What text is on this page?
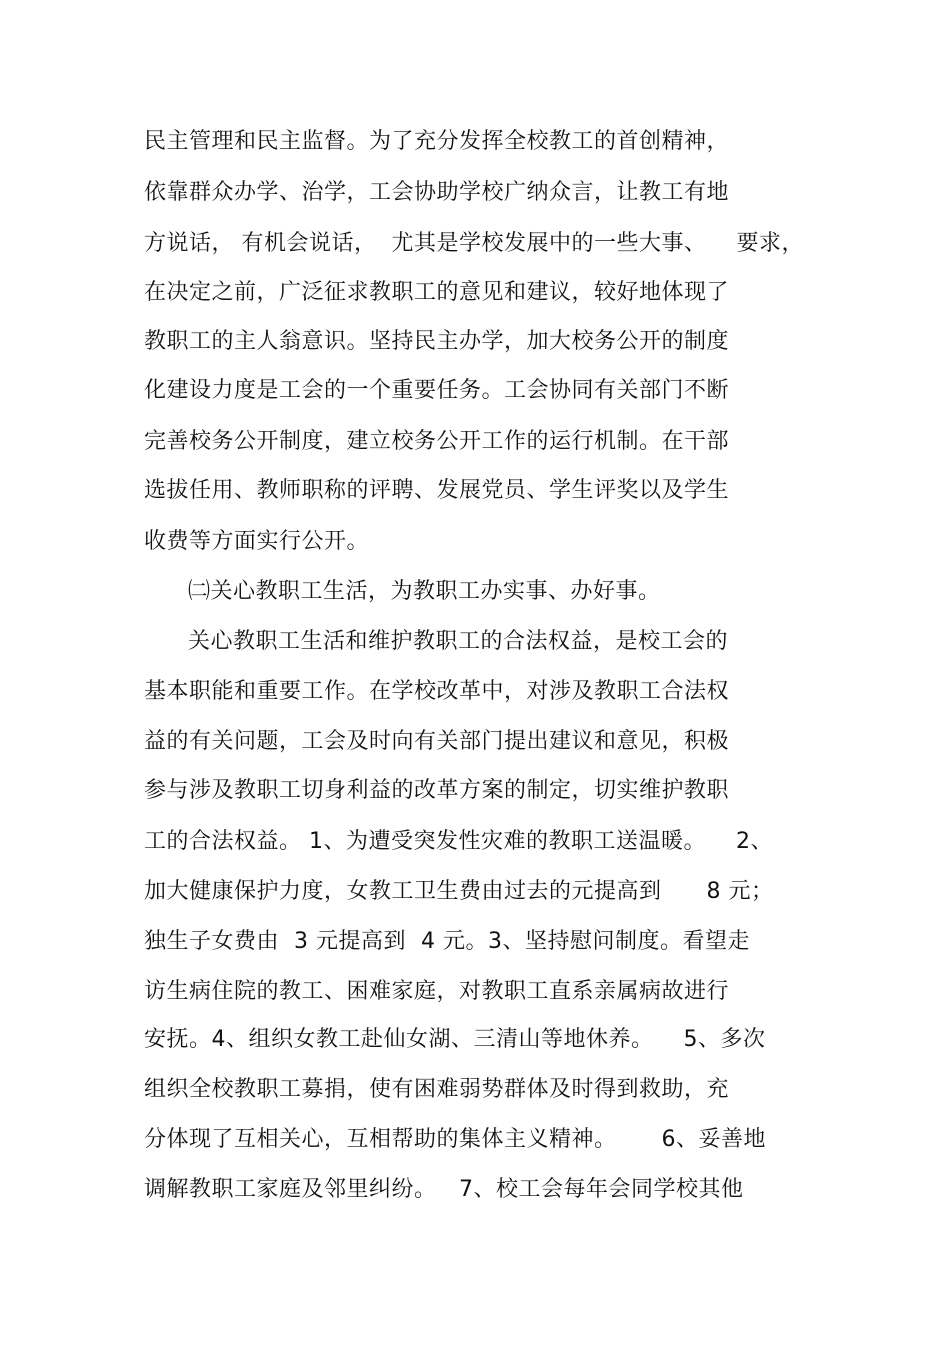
民主管理和民主监督。为了充分发挥全校教工的首创精神，
依靠群众办学、治学，工会协助学校广纳众言，让教工有地
方说话， 有机会说话，  尤其是学校发展中的一些大事、    要求，
在决定之前，广泛征求教职工的意见和建议，较好地体现了
教职工的主人翁意识。坚持民主办学，加大校务公开的制度
化建设力度是工会的一个重要任务。工会协同有关部门不断
完善校务公开制度，建立校务公开工作的运行机制。在干部
选拔任用、教师职称的评聘、发展党员、学生评奖以及学生
收费等方面实行公开。
㈡关心教职工生活，为教职工办实事、办好事。
关心教职工生活和维护教职工的合法权益，是校工会的
基本职能和重要工作。在学校改革中，对涉及教职工合法权
益的有关问题，工会及时向有关部门提出建议和意见，积极
参与涉及教职工切身利益的改革方案的制定，切实维护教职
工的合法权益。 1、为遭受突发性灾难的教职工送温暖。    2、
加大健康保护力度，女教工卫生费由过去的元提高到      8 元；
独生子女费由  3 元提高到  4 元。3、坚持慰问制度。看望走
访生病住院的教工、困难家庭，对教职工直系亲属病故进行
安抚。4、组织女教工赴仙女湖、三清山等地休养。    5、多次
组织全校教职工募捐，使有困难弱势群体及时得到救助，充
分体现了互相关心，互相帮助的集体主义精神。      6、妥善地
调解教职工家庭及邻里纠纷。   7、校工会每年会同学校其他
